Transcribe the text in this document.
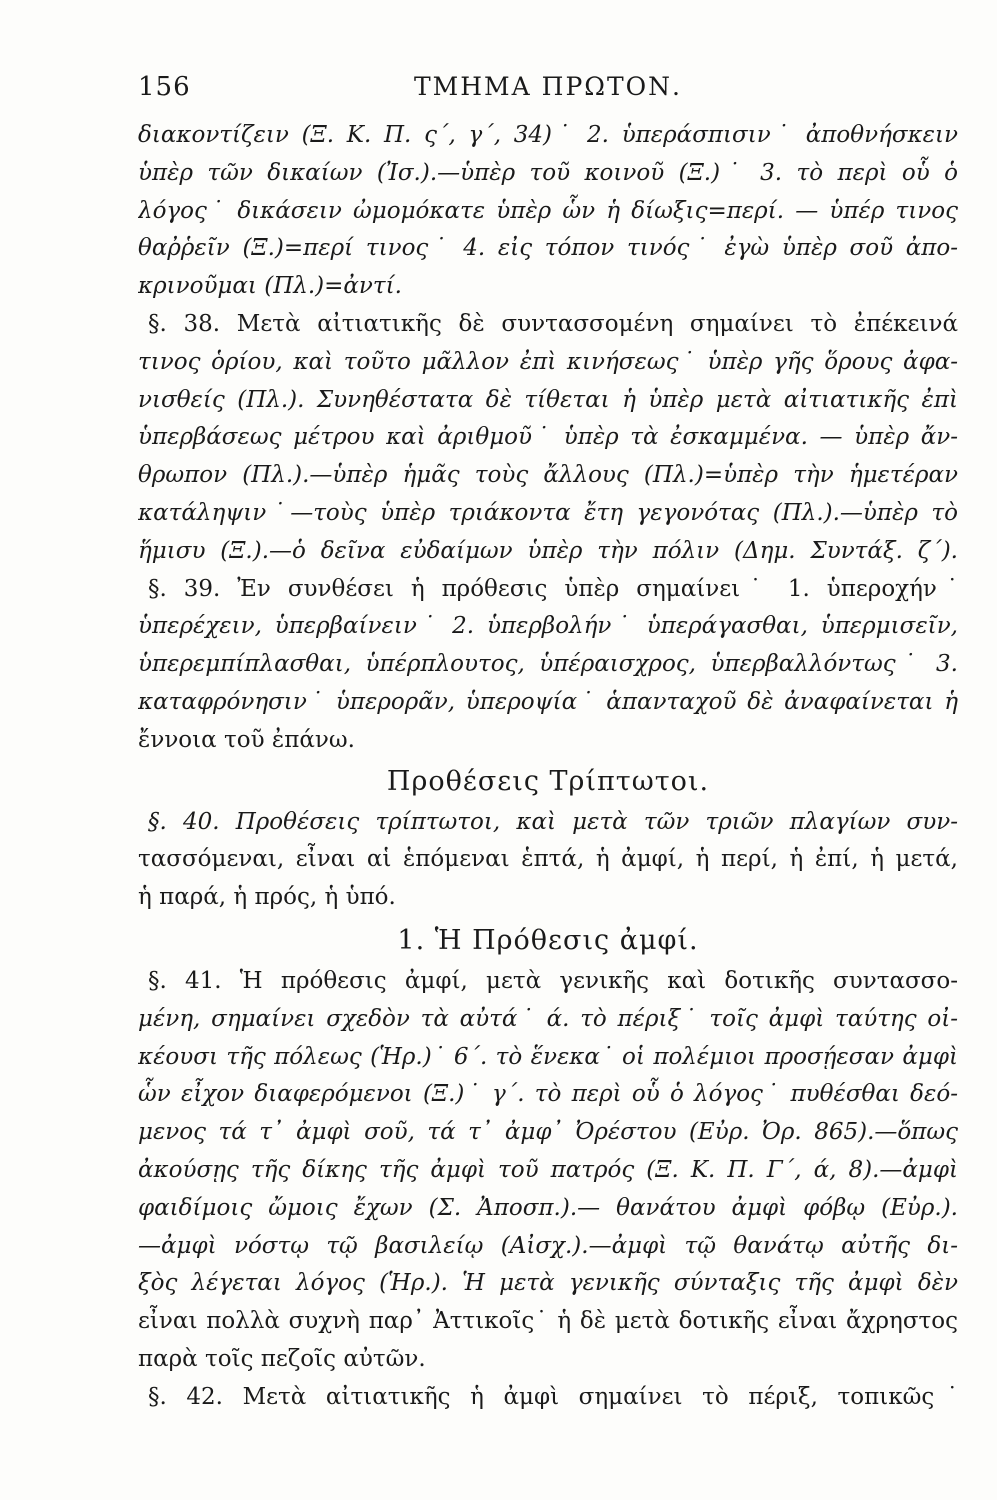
156	ΤΜΗΜΑ ΠΡΩΤΟΝ.
διακοντίζειν (Ξ. Κ. Π. ς΄, γ΄, 34)˙ 2. ὑπεράσπισιν˙ ἀποθνήσκειν
ὑπὲρ τῶν δικαίων (Ἰσ.).—ὑπὲρ τοῦ κοινοῦ (Ξ.)˙ 3. τὸ περὶ οὗ ὁ
λόγος˙ δικάσειν ὠμομόκατε ὑπὲρ ὧν ἡ δίωξις=περί. — ὑπέρ τινος
θαῤῥεῖν (Ξ.)=περί τινος˙ 4. εἰς τόπον τινός˙ ἐγὼ ὑπὲρ σοῦ ἀπο-
κρινοῦμαι (Πλ.)=ἀντί.
§. 38. Μετὰ αἰτιατικῆς δὲ συντασσομένη σημαίνει τὸ ἐπέκεινά
τινος ὁρίου, καὶ τοῦτο μᾶλλον ἐπὶ κινήσεως˙ ὑπὲρ γῆς ὅρους ἀφα-
νισθείς (Πλ.). Συνηθέστατα δὲ τίθεται ἡ ὑπὲρ μετὰ αἰτιατικῆς ἐπὶ
ὑπερβάσεως μέτρου καὶ ἀριθμοῦ˙ ὑπὲρ τὰ ἐσκαμμένα. — ὑπὲρ ἄν-
θρωπον (Πλ.).—ὑπὲρ ἡμᾶς τοὺς ἄλλους (Πλ.)=ὑπὲρ τὴν ἡμετέραν
κατάληψιν˙—τοὺς ὑπὲρ τριάκοντα ἔτη γεγονότας (Πλ.).—ὑπὲρ τὸ
ἥμισυ (Ξ.).—ὁ δεῖνα εὐδαίμων ὑπὲρ τὴν πόλιν (Δημ. Συντάξ. ζ΄).
§. 39. Ἐν συνθέσει ἡ πρόθεσις ὑπὲρ σημαίνει˙ 1. ὑπεροχήν˙
ὑπερέχειν, ὑπερβαίνειν˙ 2. ὑπερβολήν˙ ὑπεράγασθαι, ὑπερμισεῖν,
ὑπερεμπίπλασθαι, ὑπέρπλουτος, ὑπέραισχρος, ὑπερβαλλόντως˙ 3.
καταφρόνησιν˙ ὑπερορᾶν, ὑπεροψία˙ ἁπανταχοῦ δὲ ἀναφαίνεται ἡ
ἔννοια τοῦ ἐπάνω.
Προθέσεις Τρίπτωτοι.
§. 40. Προθέσεις τρίπτωτοι, καὶ μετὰ τῶν τριῶν πλαγίων συν-
τασσόμεναι, εἶναι αἱ ἑπόμεναι ἑπτά, ἡ ἀμφί, ἡ περί, ἡ ἐπί, ἡ μετά,
ἡ παρά, ἡ πρός, ἡ ὑπό.
1. Ἡ Πρόθεσις ἀμφί.
§. 41. Ἡ πρόθεσις ἀμφί, μετὰ γενικῆς καὶ δοτικῆς συντασσο-
μένη, σημαίνει σχεδὸν τὰ αὐτά˙ ά. τὸ πέριξ˙ τοῖς ἀμφὶ ταύτης οἰ-
κέουσι τῆς πόλεως (Ἡρ.)˙ 6΄. τὸ ἕνεκα˙ οἱ πολέμιοι προσῄεσαν ἀμφὶ
ὧν εἶχον διαφερόμενοι (Ξ.)˙ γ΄. τὸ περὶ οὗ ὁ λόγος˙ πυθέσθαι δεό-
μενος τά τ᾽ ἀμφὶ σοῦ, τά τ᾽ ἀμφ᾽ Ὀρέστου (Εὐρ. Ὀρ. 865).—ὅπως
ἀκούσῃς τῆς δίκης τῆς ἀμφὶ τοῦ πατρός (Ξ. Κ. Π. Γ΄, ά, 8).—ἀμφὶ
φαιδίμοις ὤμοις ἔχων (Σ. Ἀποσπ.).— θανάτου ἀμφὶ φόβῳ (Εὐρ.).
—ἀμφὶ νόστῳ τῷ βασιλείῳ (Αἰσχ.).—ἀμφὶ τῷ θανάτῳ αὐτῆς δι-
ξὸς λέγεται λόγος (Ἡρ.). Ἡ μετὰ γενικῆς σύνταξις τῆς ἀμφὶ δὲν
εἶναι πολλὰ συχνὴ παρ᾽ Ἀττικοῖς˙ ἡ δὲ μετὰ δοτικῆς εἶναι ἄχρηστος
παρὰ τοῖς πεζοῖς αὐτῶν.
§. 42. Μετὰ αἰτιατικῆς ἡ ἀμφὶ σημαίνει τὸ πέριξ, τοπικῶς˙
